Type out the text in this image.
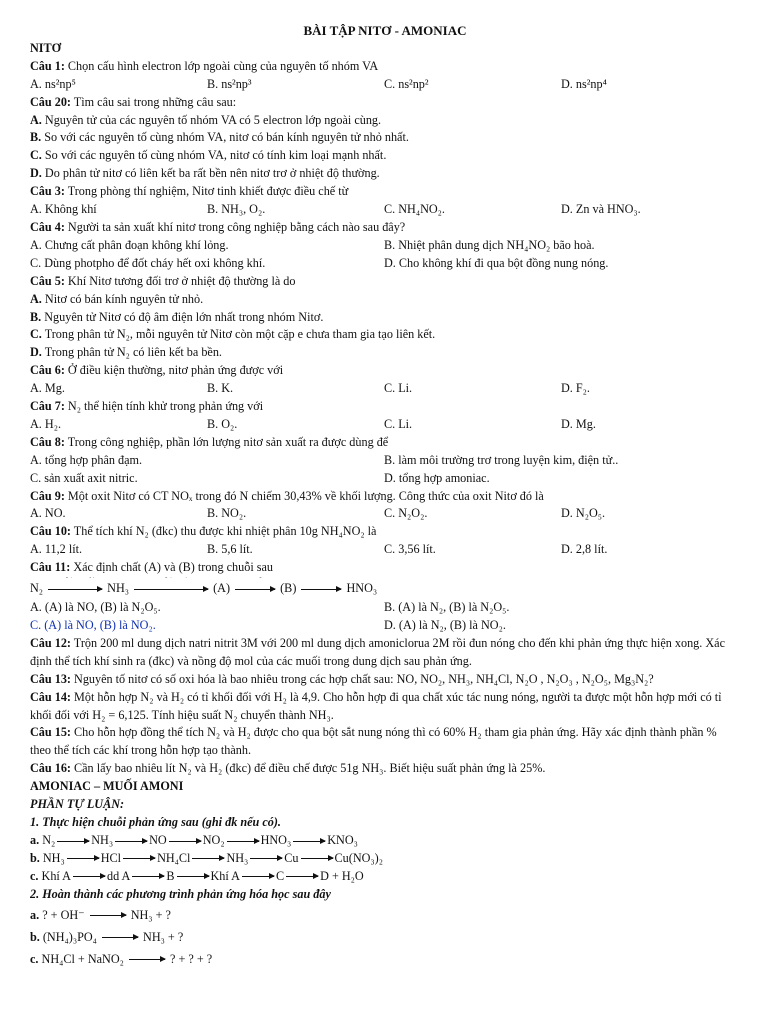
BÀI TẬP NITƠ - AMONIAC
NITƠ
Câu 1: Chọn cấu hình electron lớp ngoài cùng của nguyên tố nhóm VA
A. ns²np⁵	B. ns²np³	C. ns²np²	D. ns²np⁴
Câu 20: Tìm câu sai trong những câu sau:
A. Nguyên tử của các nguyên tố nhóm VA có 5 electron lớp ngoài cùng.
B. So với các nguyên tố cùng nhóm VA, nitơ có bán kính nguyên tử nhỏ nhất.
C. So với các nguyên tố cùng nhóm VA, nitơ có tính kim loại mạnh nhất.
D. Do phân tử nitơ có liên kết ba rất bền nên nitơ trơ ở nhiệt độ thường.
Câu 3: Trong phòng thí nghiệm, Nitơ tinh khiết được điều chế từ
A. Không khí	B. NH₃, O₂.	C. NH₄NO₂.	D. Zn và HNO₃.
Câu 4: Người ta sản xuất khí nitơ trong công nghiệp bằng cách nào sau đây?
A. Chưng cất phân đoạn không khí lỏng.	B. Nhiệt phân dung dịch NH₄NO₂ bão hoà.
C. Dùng photpho để đốt cháy hết oxi không khí.	D. Cho không khí đi qua bột đồng nung nóng.
Câu 5: Khí Nitơ tương đối trơ ở nhiệt độ thường là do
A. Nitơ có bán kính nguyên tử nhỏ.
B. Nguyên tử Nitơ có độ âm điện lớn nhất trong nhóm Nitơ.
C. Trong phân tử N₂, mỗi nguyên tử Nitơ còn một cặp e chưa tham gia tạo liên kết.
D. Trong phân tử N₂ có liên kết ba bền.
Câu 6: Ở điều kiện thường, nitơ phản ứng được với
A. Mg.	B. K.	C. Li.	D. F₂.
Câu 7: N₂ thể hiện tính khử trong phản ứng với
A. H₂.	B. O₂.	C. Li.	D. Mg.
Câu 8: Trong công nghiệp, phần lớn lượng nitơ sản xuất ra được dùng để
A. tổng hợp phân đạm.	B. làm môi trường trơ trong luyện kim, điện tử..
C. sản xuất axit nitric.	D. tổng hợp amoniac.
Câu 9: Một oxit Nitơ có CT NOₓ trong đó N chiếm 30,43% về khối lượng. Công thức của oxit Nitơ đó là
A. NO.	B. NO₂.	C. N₂O₂.	D. N₂O₅.
Câu 10: Thể tích khí N₂ (đkc) thu được khi nhiệt phân 10g NH₄NO₂ là
A. 11,2 lít.	B. 5,6 lít.	C. 3,56 lít.	D. 2,8 lít.
Câu 11: Xác định chất (A) và (B) trong chuỗi sau
N₂	NH₃	(A)	(B)	HNO₃
A. (A) là NO, (B) là N₂O₅.	B. (A) là N₂, (B) là N₂O₅.
C. (A) là NO, (B) là NO₂.	D. (A) là N₂, (B) là NO₂.
Câu 12: Trộn 200 ml dung dịch natri nitrit 3M với 200 ml dung dịch amoniclorua 2M rồi đun nóng cho đến khi phản ứng thực hiện xong. Xác định thể tích khí sinh ra (đkc) và nồng độ mol của các muối trong dung dịch sau phản ứng.
Câu 13: Nguyên tố nitơ có số oxi hóa là bao nhiêu trong các hợp chất sau: NO, NO₂, NH₃, NH₄Cl, N₂O , N₂O₃ , N₂O₅, Mg₃N₂?
Câu 14: Một hỗn hợp N₂ và H₂ có tỉ khối đối với H₂ là 4,9. Cho hỗn hợp đi qua chất xúc tác nung nóng, người ta được một hỗn hợp mới có tỉ khối đối với H₂ = 6,125. Tính hiệu suất N₂ chuyển thành NH₃.
Câu 15: Cho hỗn hợp đồng thể tích N₂ và H₂ được cho qua bột sắt nung nóng thì có 60% H₂ tham gia phản ứng. Hãy xác định thành phần % theo thể tích các khí trong hỗn hợp tạo thành.
Câu 16: Cần lấy bao nhiêu lít N₂ và H₂ (đkc) để điều chế được 51g NH₃. Biết hiệu suất phản ứng là 25%.
AMONIAC – MUỐI AMONI
PHẦN TỰ LUẬN:
1. Thực hiện chuỗi phản ứng sau (ghi đk nếu có).
a. N₂	NH₃	NO	NO₂	HNO₃	KNO₃
b. NH₃	HCl	NH₄Cl	NH₃	Cu	Cu(NO₃)₂
c. Khí A	dd A	B	Khí A	C	D + H₂O
2. Hoàn thành các phương trình phản ứng hóa học sau đây
a. ? + OH⁻	NH₃ + ?
b. (NH₄)₃PO₄	NH₃ + ?
c. NH₄Cl + NaNO₂	? + ? + ?
